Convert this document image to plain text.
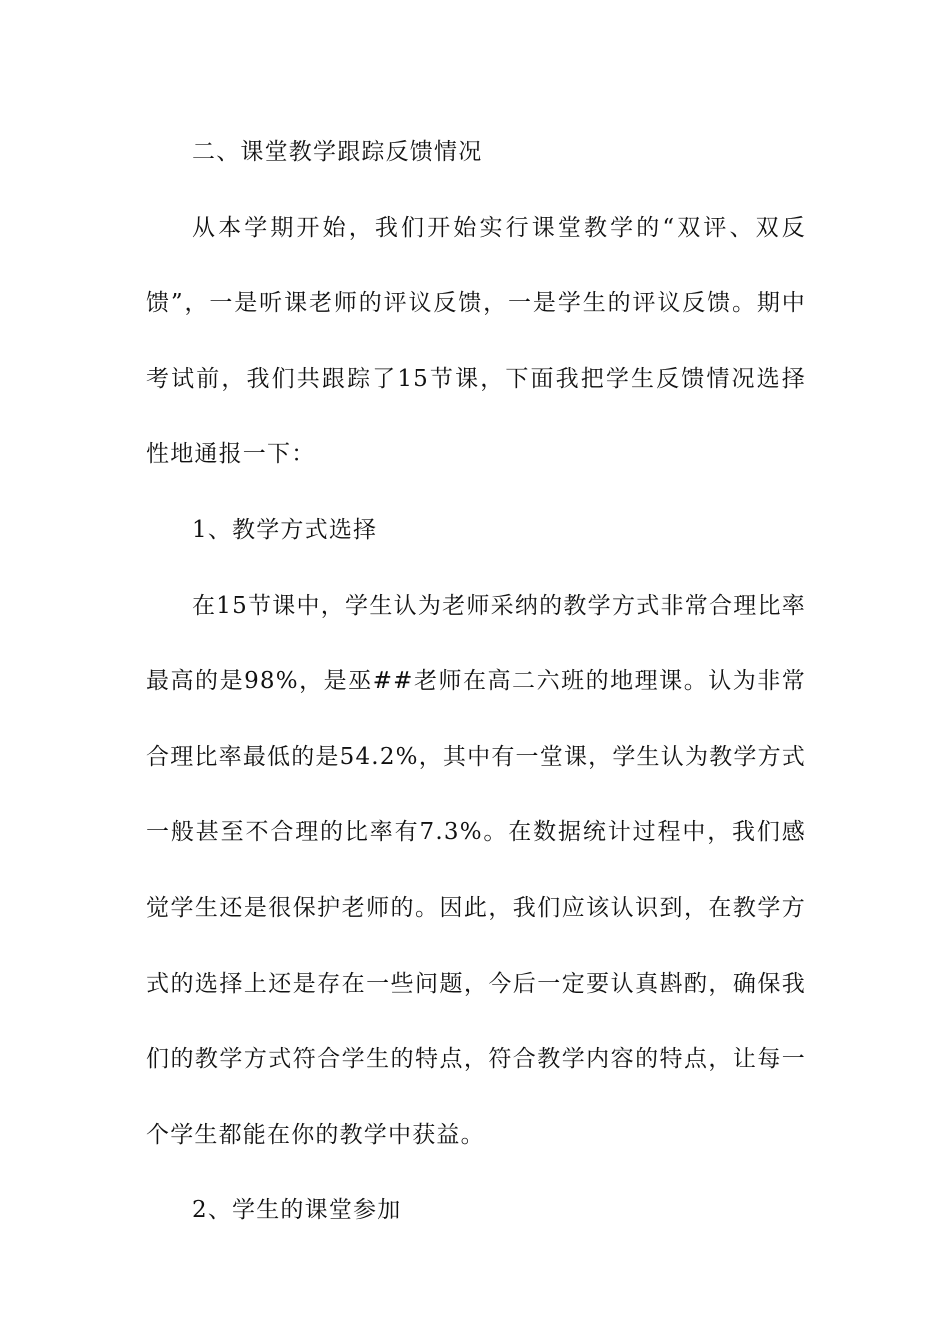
二、课堂教学跟踪反馈情况

从本学期开始，我们开始实行课堂教学的“双评、双反馈”，一是听课老师的评议反馈，一是学生的评议反馈。期中考试前，我们共跟踪了15节课，下面我把学生反馈情况选择性地通报一下：

1、教学方式选择

在15节课中，学生认为老师采纳的教学方式非常合理比率最高的是98%，是巫##老师在高二六班的地理课。认为非常合理比率最低的是54.2%，其中有一堂课，学生认为教学方式一般甚至不合理的比率有7.3%。在数据统计过程中，我们感觉学生还是很保护老师的。因此，我们应该认识到，在教学方式的选择上还是存在一些问题，今后一定要认真斟酌，确保我们的教学方式符合学生的特点，符合教学内容的特点，让每一个学生都能在你的教学中获益。

2、学生的课堂参加
